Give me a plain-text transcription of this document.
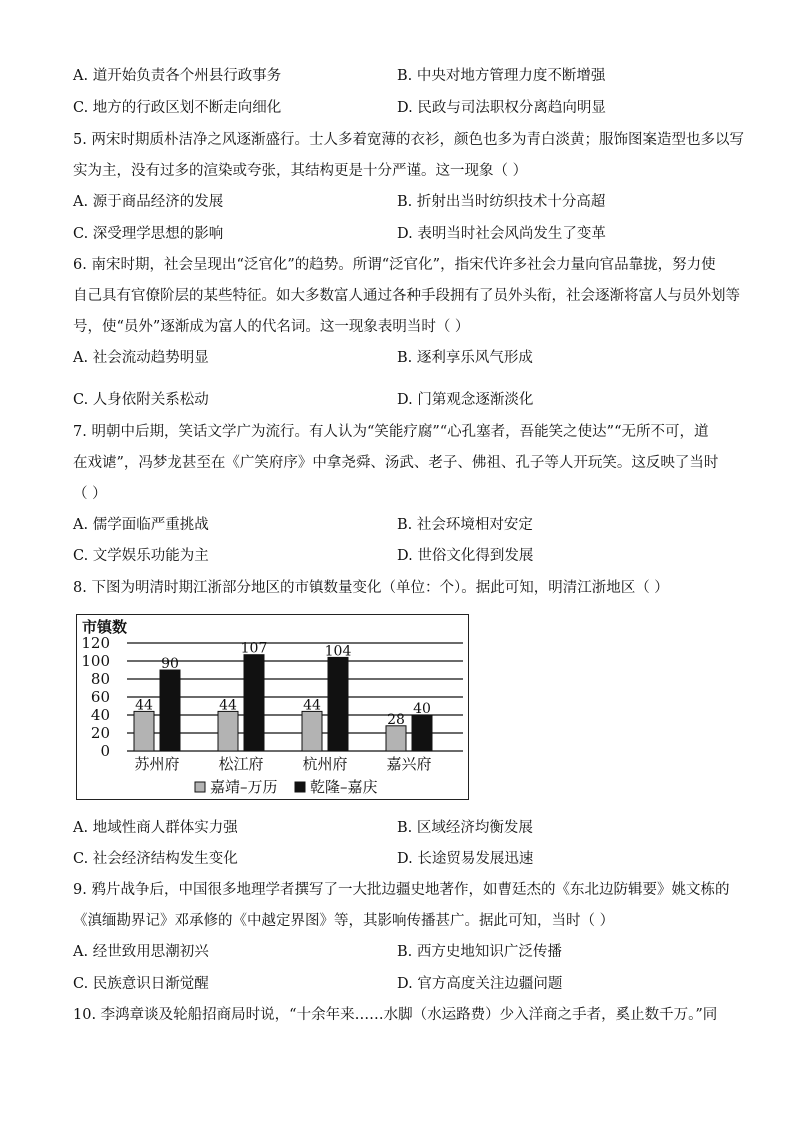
A. 道开始负责各个州县行政事务	B. 中央对地方管理力度不断增强
C. 地方的行政区划不断走向细化	D. 民政与司法职权分离趋向明显
5. 两宋时期质朴洁净之风逐渐盛行。士人多着宽薄的衣衫，颜色也多为青白淡黄；服饰图案造型也多以写
实为主，没有过多的渲染或夸张，其结构更是十分严谨。这一现象（ ）
A. 源于商品经济的发展	B. 折射出当时纺织技术十分高超
C. 深受理学思想的影响	D. 表明当时社会风尚发生了变革
6. 南宋时期，社会呈现出“泛官化”的趋势。所谓“泛官化”，指宋代许多社会力量向官品靠拢，努力使
自己具有官僚阶层的某些特征。如大多数富人通过各种手段拥有了员外头衔，社会逐渐将富人与员外划等
号，使“员外”逐渐成为富人的代名词。这一现象表明当时（ ）
A. 社会流动趋势明显	B. 逐利享乐风气形成
C. 人身依附关系松动	D. 门第观念逐渐淡化
7. 明朝中后期，笑话文学广为流行。有人认为“笑能疗腐”“心孔塞者，吾能笑之使达”“无所不可，道
在戏谑”，冯梦龙甚至在《广笑府序》中拿尧舜、汤武、老子、佛祖、孔子等人开玩笑。这反映了当时
（ ）
A. 儒学面临严重挑战	B. 社会环境相对安定
C. 文学娱乐功能为主	D. 世俗文化得到发展
8. 下图为明清时期江浙部分地区的市镇数量变化（单位：个）。据此可知，明清江浙地区（ ）
市镇数
0
20
40
60
80
100
120
44
90
44
107
44
104
28
40
苏州府	松江府	杭州府	嘉兴府
嘉靖–万历 乾隆–嘉庆
A. 地域性商人群体实力强	B. 区域经济均衡发展
C. 社会经济结构发生变化	D. 长途贸易发展迅速
9. 鸦片战争后，中国很多地理学者撰写了一大批边疆史地著作，如曹廷杰的《东北边防辑要》姚文栋的
《滇缅勘界记》邓承修的《中越定界图》等，其影响传播甚广。据此可知，当时（ ）
A. 经世致用思潮初兴	B. 西方史地知识广泛传播
C. 民族意识日渐觉醒	D. 官方高度关注边疆问题
10. 李鸿章谈及轮船招商局时说，“十余年来……水脚（水运路费）少入洋商之手者，奚止数千万。”同
